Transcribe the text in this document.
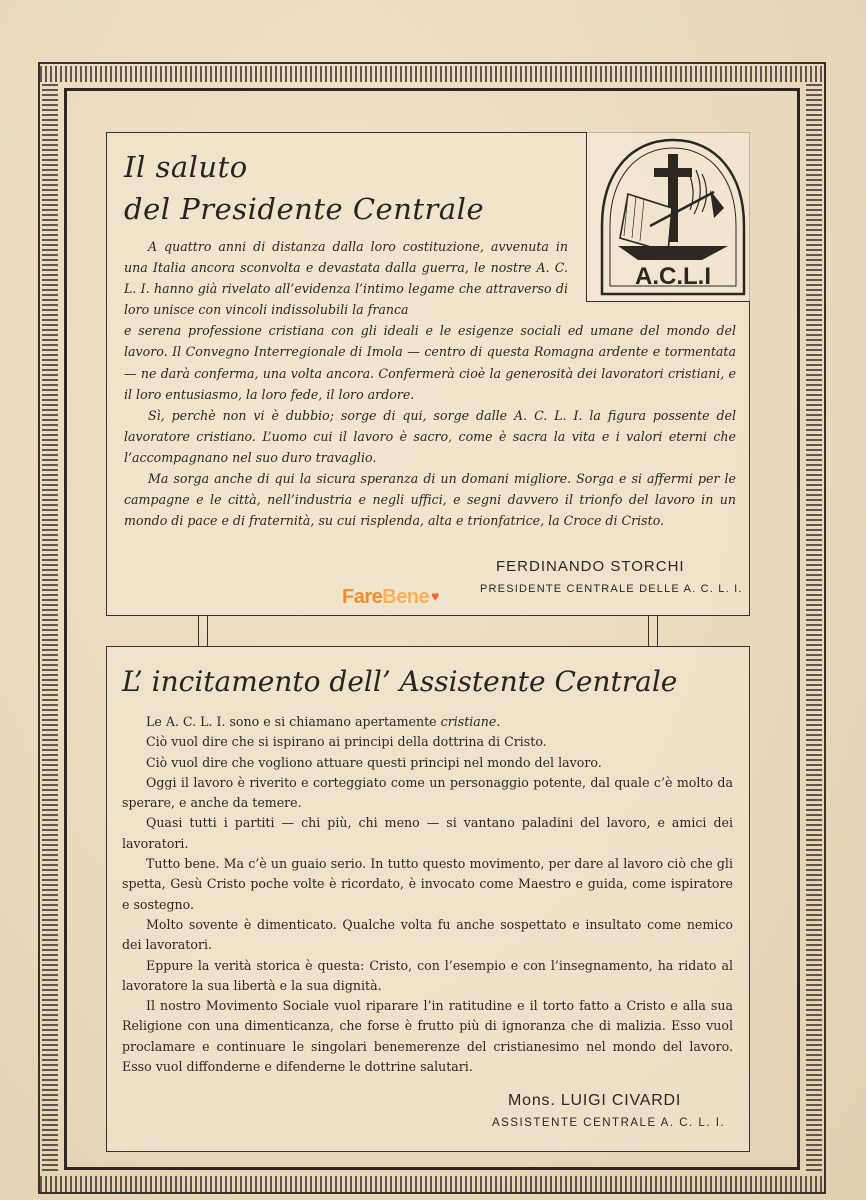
Il saluto
del Presidente Centrale
A.C.L.I

A quattro anni di distanza dalla loro costituzione, avvenuta in una Italia ancora sconvolta e devastata dalla guerra, le nostre A. C. L. I. hanno già rivelato all’evidenza l’intimo legame che attraverso di loro unisce con vincoli indissolubili la franca

e serena professione cristiana con gli ideali e le esigenze sociali ed umane del mondo del lavoro. Il Convegno Interregionale di Imola — centro di questa Romagna ardente e tormentata — ne darà conferma, una volta ancora. Confermerà cioè la generosità dei lavoratori cristiani, e il loro entusiasmo, la loro fede, il loro ardore.

Sì, perchè non vi è dubbio; sorge di qui, sorge dalle A. C. L. I. la figura possente del lavoratore cristiano. L’uomo cui il lavoro è sacro, come è sacra la vita e i valori eterni che l’accompagnano nel suo duro travaglio.

Ma sorga anche di qui la sicura speranza di un domani migliore. Sorga e si affermi per le campagne e le città, nell’industria e negli uffici, e segni davvero il trionfo del lavoro in un mondo di pace e di fraternità, su cui risplenda, alta e trionfatrice, la Croce di Cristo.

FERDINANDO STORCHI
PRESIDENTE CENTRALE DELLE A. C. L. I.
FareBene ♥
L’ incitamento dell’ Assistente Centrale

Le A. C. L. I. sono e si chiamano apertamente cristiane.

Ciò vuol dire che si ispirano ai principi della dottrina di Cristo.

Ciò vuol dire che vogliono attuare questi principi nel mondo del lavoro.

Oggi il lavoro è riverito e corteggiato come un personaggio potente, dal quale c’è molto da sperare, e anche da temere.

Quasi tutti i partiti — chi più, chi meno — si vantano paladini del lavoro, e amici dei lavoratori.

Tutto bene. Ma c’è un guaio serio. In tutto questo movimento, per dare al lavoro ciò che gli spetta, Gesù Cristo poche volte è ricordato, è invocato come Maestro e guida, come ispiratore e sostegno.

Molto sovente è dimenticato. Qualche volta fu anche sospettato e insultato come nemico dei lavoratori.

Eppure la verità storica è questa: Cristo, con l’esempio e con l’insegnamento, ha ridato al lavoratore la sua libertà e la sua dignità.

Il nostro Movimento Sociale vuol riparare l’in ratitudine e il torto fatto a Cristo e alla sua Religione con una dimenticanza, che forse è frutto più di ignoranza che di malizia. Esso vuol proclamare e continuare le singolari benemerenze del cristianesimo nel mondo del lavoro. Esso vuol diffonderne e difenderne le dottrine salutari.

Mons. LUIGI CIVARDI
ASSISTENTE CENTRALE A. C. L. I.
